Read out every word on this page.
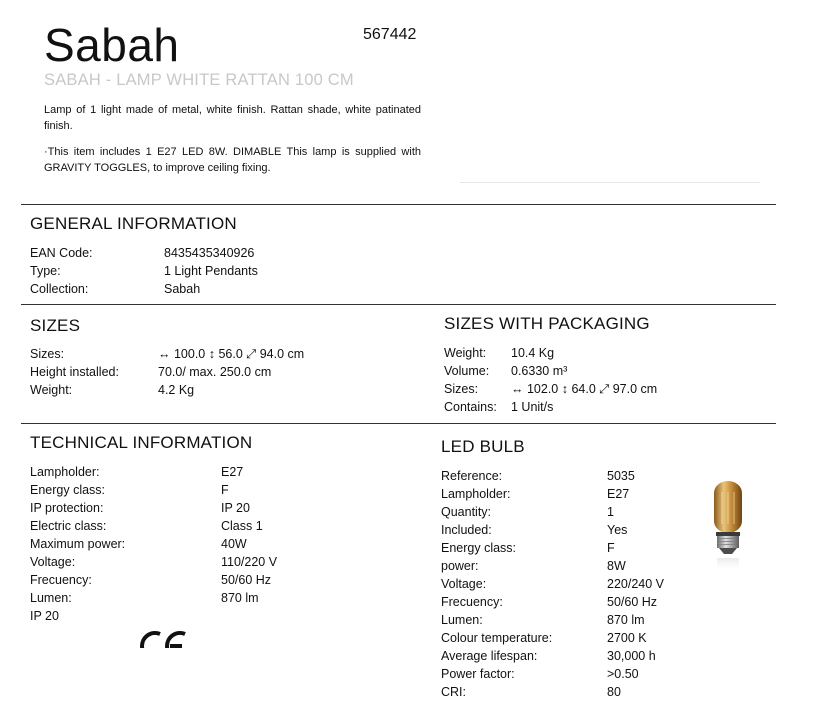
Sabah	567442
SABAH - LAMP WHITE RATTAN 100 CM
Lamp of 1 light made of metal, white finish. Rattan shade, white patinated finish.
·This item includes 1 E27 LED 8W. DIMABLE This lamp is supplied with GRAVITY TOGGLES, to improve ceiling fixing.
GENERAL INFORMATION
EAN Code:	8435435340926
Type:	1 Light Pendants
Collection:	Sabah
SIZES
Sizes:	↔ 100.0 ↕ 56.0 ⤢ 94.0 cm
Height installed:	70.0/ max. 250.0 cm
Weight:	4.2 Kg
SIZES WITH PACKAGING
Weight: 10.4 Kg
Volume: 0.6330 m³
Sizes:	↔ 102.0 ↕ 64.0 ⤢ 97.0 cm
Contains: 1 Unit/s
TECHNICAL INFORMATION
Lampholder:	E27
Energy class:	F
IP protection:	IP 20
Electric class:	Class 1
Maximum power:	40W
Voltage:	110/220 V
Frecuency:	50/60 Hz
Lumen:	870 lm
IP 20
LED BULB
Reference:	5035
Lampholder:	E27
Quantity:	1
Included:	Yes
Energy class:	F
power:	8W
Voltage:	220/240 V
Frecuency:	50/60 Hz
Lumen:	870 lm
Colour temperature:	2700 K
Average lifespan:	30,000 h
Power factor:	>0.50
CRI:	80
